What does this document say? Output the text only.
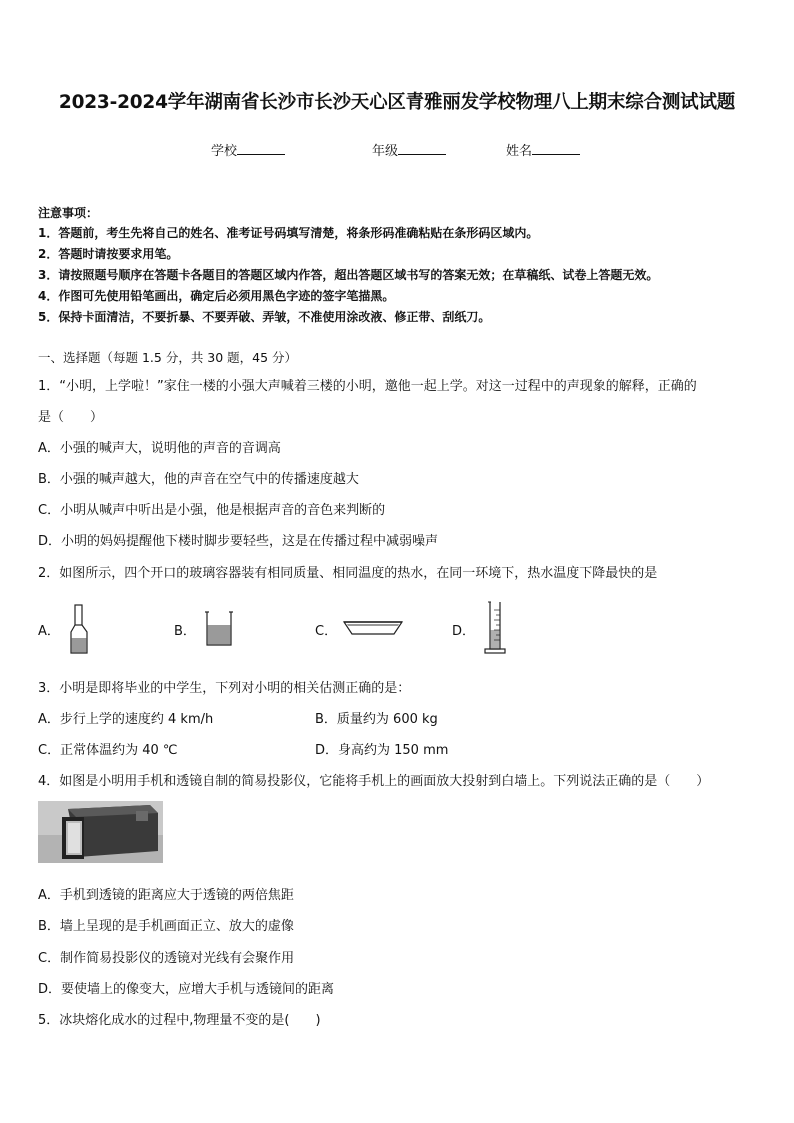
2023-2024学年湖南省长沙市长沙天心区青雅丽发学校物理八上期末综合测试试题
学校	年级	姓名
注意事项：
1．答题前，考生先将自己的姓名、准考证号码填写清楚，将条形码准确粘贴在条形码区域内。
2．答题时请按要求用笔。
3．请按照题号顺序在答题卡各题目的答题区域内作答，超出答题区域书写的答案无效；在草稿纸、试卷上答题无效。
4．作图可先使用铅笔画出，确定后必须用黑色字迹的签字笔描黑。
5．保持卡面清洁，不要折暴、不要弄破、弄皱，不准使用涂改液、修正带、刮纸刀。
一、选择题（每题 1.5 分，共 30 题，45 分）
1．“小明，上学啦！”家住一楼的小强大声喊着三楼的小明，邀他一起上学。对这一过程中的声现象的解释，正确的
是（　　）
A．小强的喊声大，说明他的声音的音调高
B．小强的喊声越大，他的声音在空气中的传播速度越大
C．小明从喊声中听出是小强，他是根据声音的音色来判断的
D．小明的妈妈提醒他下楼时脚步要轻些，这是在传播过程中减弱噪声
2．如图所示，四个开口的玻璃容器装有相同质量、相同温度的热水，在同一环境下，热水温度下降最快的是
A．	B．	C．	D．
3．小明是即将毕业的中学生，下列对小明的相关估测正确的是：
A．步行上学的速度约 4 km/h	B．质量约为 600 kg
C．正常体温约为 40 ℃	D．身高约为 150 mm
4．如图是小明用手机和透镜自制的简易投影仪，它能将手机上的画面放大投射到白墙上。下列说法正确的是（　　）
A．手机到透镜的距离应大于透镜的两倍焦距
B．墙上呈现的是手机画面正立、放大的虚像
C．制作简易投影仪的透镜对光线有会聚作用
D．要使墙上的像变大，应增大手机与透镜间的距离
5．冰块熔化成水的过程中,物理量不变的是(　　)
